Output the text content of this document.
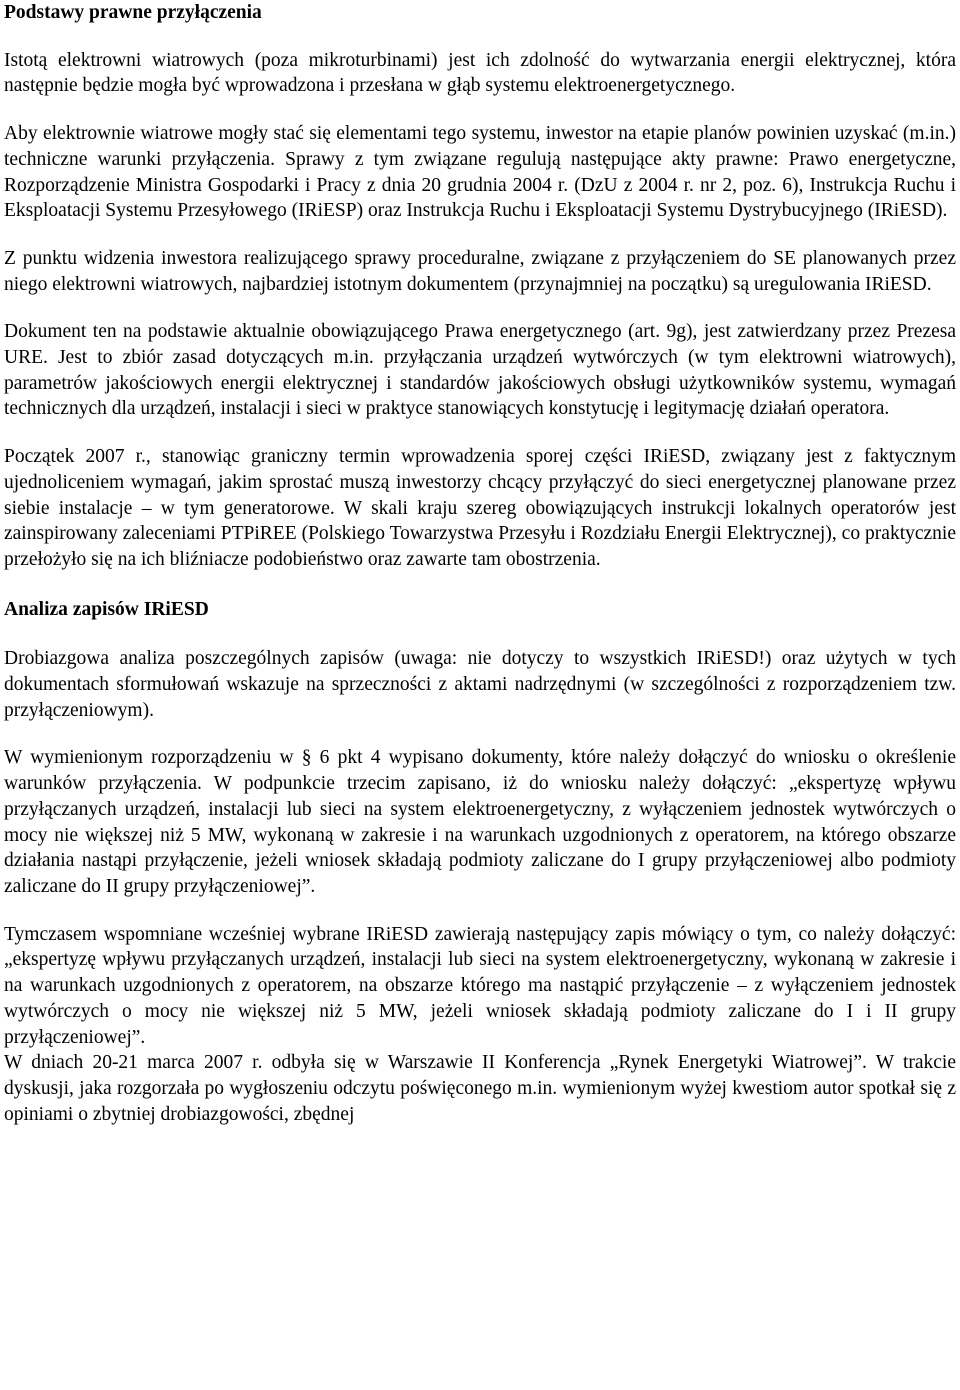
Podstawy prawne przyłączenia

Istotą elektrowni wiatrowych (poza mikroturbinami) jest ich zdolność do wytwarzania energii elektrycznej, która następnie będzie mogła być wprowadzona i przesłana w głąb systemu elektroenergetycznego.

Aby elektrownie wiatrowe mogły stać się elementami tego systemu, inwestor na etapie planów powinien uzyskać (m.in.) techniczne warunki przyłączenia. Sprawy z tym związane regulują następujące akty prawne: Prawo energetyczne, Rozporządzenie Ministra Gospodarki i Pracy z dnia 20 grudnia 2004 r. (DzU z 2004 r. nr 2, poz. 6), Instrukcja Ruchu i Eksploatacji Systemu Przesyłowego (IRiESP) oraz Instrukcja Ruchu i Eksploatacji Systemu Dystrybucyjnego (IRiESD).

Z punktu widzenia inwestora realizującego sprawy proceduralne, związane z przyłączeniem do SE planowanych przez niego elektrowni wiatrowych, najbardziej istotnym dokumentem (przynajmniej na początku) są uregulowania IRiESD.

Dokument ten na podstawie aktualnie obowiązującego Prawa energetycznego (art. 9g), jest zatwierdzany przez Prezesa URE. Jest to zbiór zasad dotyczących m.in. przyłączania urządzeń wytwórczych (w tym elektrowni wiatrowych), parametrów jakościowych energii elektrycznej i standardów jakościowych obsługi użytkowników systemu, wymagań technicznych dla urządzeń, instalacji i sieci w praktyce stanowiących konstytucję i legitymację działań operatora.

Początek 2007 r., stanowiąc graniczny termin wprowadzenia sporej części IRiESD, związany jest z faktycznym ujednoliceniem wymagań, jakim sprostać muszą inwestorzy chcący przyłączyć do sieci energetycznej planowane przez siebie instalacje – w tym generatorowe. W skali kraju szereg obowiązujących instrukcji lokalnych operatorów jest zainspirowany zaleceniami PTPiREE (Polskiego Towarzystwa Przesyłu i Rozdziału Energii Elektrycznej), co praktycznie przełożyło się na ich bliźniacze podobieństwo oraz zawarte tam obostrzenia.

Analiza zapisów IRiESD

Drobiazgowa analiza poszczególnych zapisów (uwaga: nie dotyczy to wszystkich IRiESD!) oraz użytych w tych dokumentach sformułowań wskazuje na sprzeczności z aktami nadrzędnymi (w szczególności z rozporządzeniem tzw. przyłączeniowym).

W wymienionym rozporządzeniu w § 6 pkt 4 wypisano dokumenty, które należy dołączyć do wniosku o określenie warunków przyłączenia. W podpunkcie trzecim zapisano, iż do wniosku należy dołączyć: „ekspertyzę wpływu przyłączanych urządzeń, instalacji lub sieci na system elektroenergetyczny, z wyłączeniem jednostek wytwórczych o mocy nie większej niż 5 MW, wykonaną w zakresie i na warunkach uzgodnionych z operatorem, na którego obszarze działania nastąpi przyłączenie, jeżeli wniosek składają podmioty zaliczane do I grupy przyłączeniowej albo podmioty zaliczane do II grupy przyłączeniowej”.

Tymczasem wspomniane wcześniej wybrane IRiESD zawierają następujący zapis mówiący o tym, co należy dołączyć: „ekspertyzę wpływu przyłączanych urządzeń, instalacji lub sieci na system elektroenergetyczny, wykonaną w zakresie i na warunkach uzgodnionych z operatorem, na obszarze którego ma nastąpić przyłączenie – z wyłączeniem jednostek wytwórczych o mocy nie większej niż 5 MW, jeżeli wniosek składają podmioty zaliczane do I i II grupy przyłączeniowej”.

W dniach 20-21 marca 2007 r. odbyła się w Warszawie II Konferencja „Rynek Energetyki Wiatrowej”. W trakcie dyskusji, jaka rozgorzała po wygłoszeniu odczytu poświęconego m.in. wymienionym wyżej kwestiom autor spotkał się z opiniami o zbytniej drobiazgowości, zbędnej
